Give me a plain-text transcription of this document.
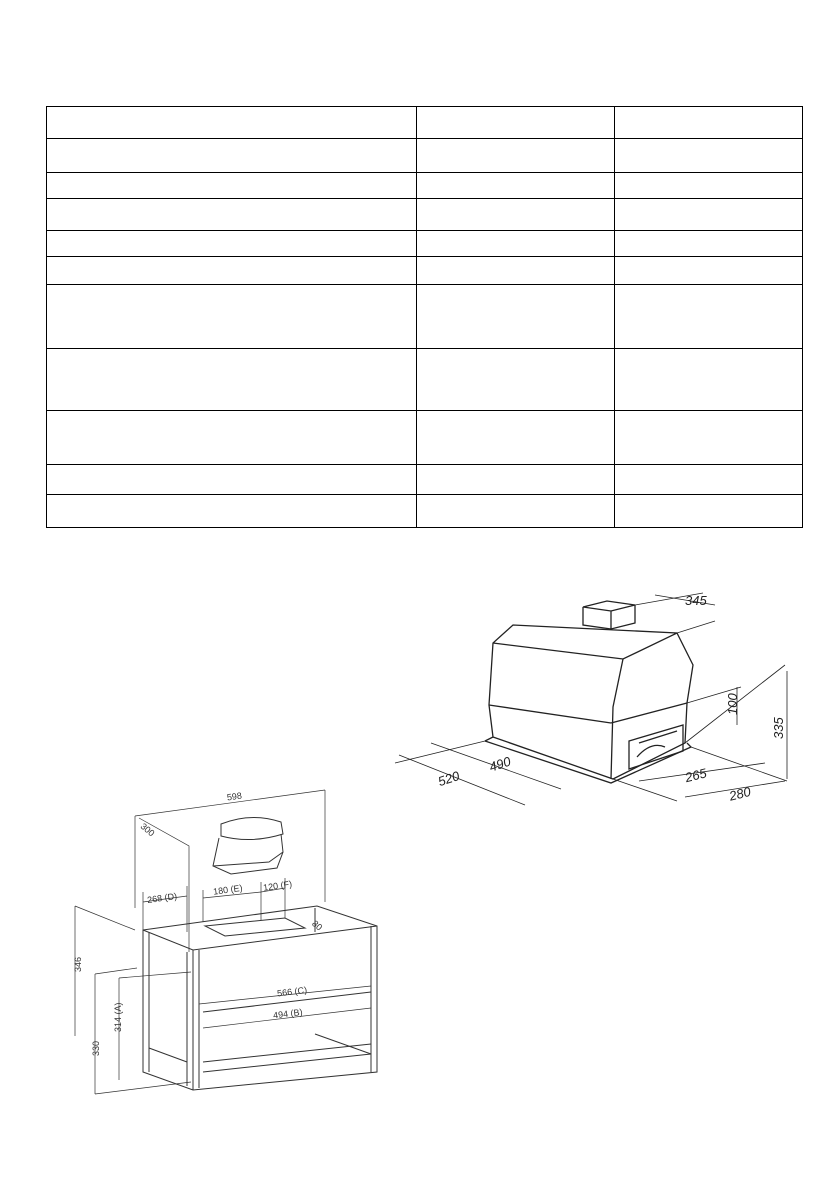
345
335
100
490
520	265
280
598
300
268 (D)
180 (E) 120 (F)
80
346
314 (A)
330
566 (C)
494 (B)
